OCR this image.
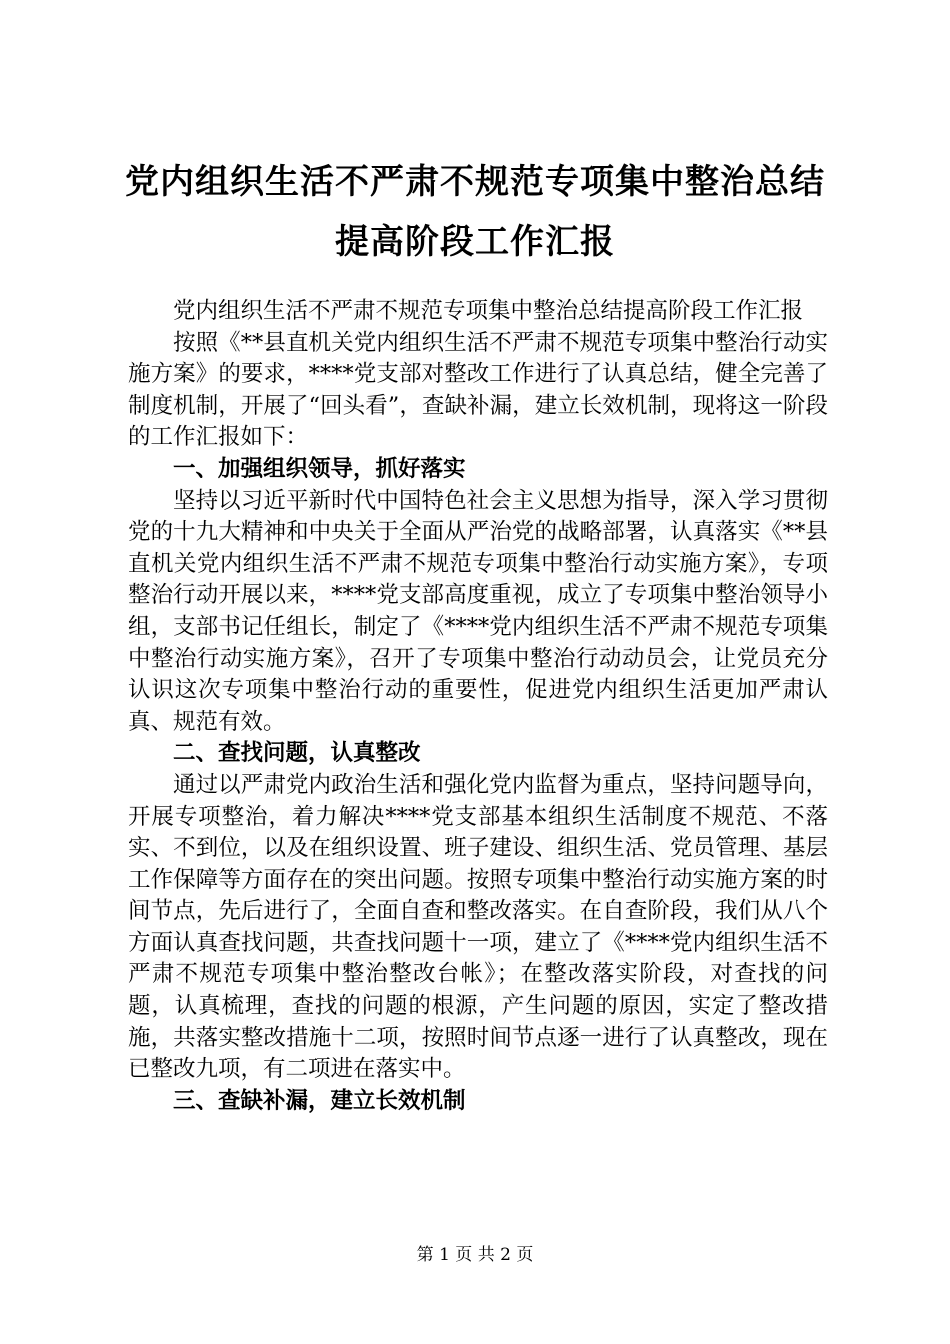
党内组织生活不严肃不规范专项集中整治总结
提高阶段工作汇报

党内组织生活不严肃不规范专项集中整治总结提高阶段工作汇报

按照《**县直机关党内组织生活不严肃不规范专项集中整治行动实施方案》的要求，****党支部对整改工作进行了认真总结，健全完善了制度机制，开展了“回头看”，查缺补漏，建立长效机制，现将这一阶段的工作汇报如下：

一、加强组织领导，抓好落实

坚持以习近平新时代中国特色社会主义思想为指导，深入学习贯彻党的十九大精神和中央关于全面从严治党的战略部署，认真落实《**县直机关党内组织生活不严肃不规范专项集中整治行动实施方案》，专项整治行动开展以来，****党支部高度重视，成立了专项集中整治领导小组，支部书记任组长，制定了《****党内组织生活不严肃不规范专项集中整治行动实施方案》，召开了专项集中整治行动动员会，让党员充分认识这次专项集中整治行动的重要性，促进党内组织生活更加严肃认真、规范有效。

二、查找问题，认真整改

通过以严肃党内政治生活和强化党内监督为重点，坚持问题导向，开展专项整治，着力解决****党支部基本组织生活制度不规范、不落实、不到位，以及在组织设置、班子建设、组织生活、党员管理、基层工作保障等方面存在的突出问题。按照专项集中整治行动实施方案的时间节点，先后进行了，全面自查和整改落实。在自查阶段，我们从八个方面认真查找问题，共查找问题十一项，建立了《****党内组织生活不严肃不规范专项集中整治整改台帐》；在整改落实阶段，对查找的问题，认真梳理，查找的问题的根源，产生问题的原因，实定了整改措施，共落实整改措施十二项，按照时间节点逐一进行了认真整改，现在已整改九项，有二项进在落实中。

三、查缺补漏，建立长效机制
第 1 页 共 2 页
